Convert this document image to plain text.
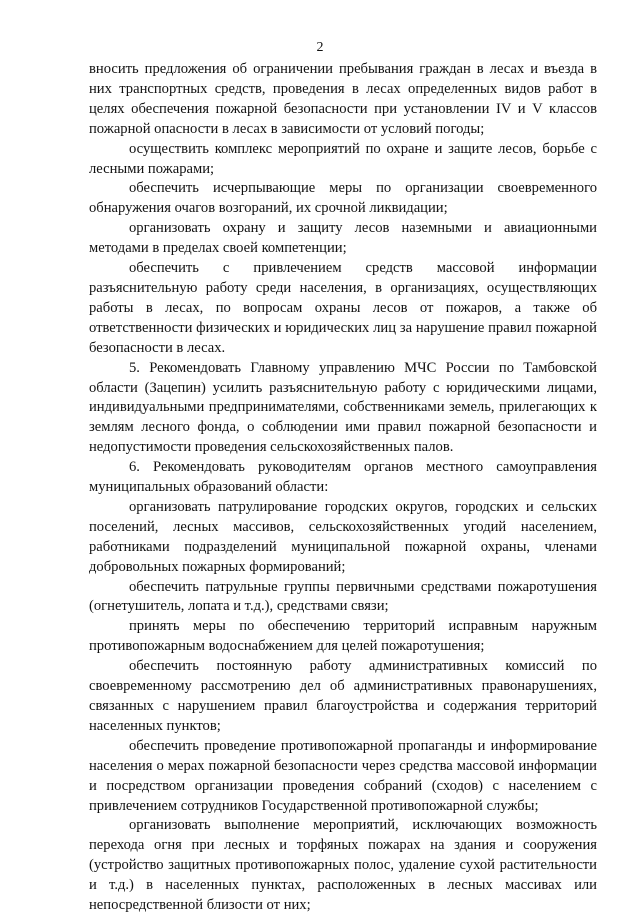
2

вносить предложения об ограничении пребывания граждан в лесах и въезда в них транспортных средств, проведения в лесах определенных видов работ в целях обеспечения пожарной безопасности при установлении IV и V классов пожарной опасности в лесах в зависимости от условий погоды;

осуществить комплекс мероприятий по охране и защите лесов, борьбе с лесными пожарами;

обеспечить исчерпывающие меры по организации своевременного обнаружения очагов возгораний, их срочной ликвидации;

организовать охрану и защиту лесов наземными и авиационными методами в пределах своей компетенции;

обеспечить с привлечением средств массовой информации разъяснительную работу среди населения, в организациях, осуществляющих работы в лесах, по вопросам охраны лесов от пожаров, а также об ответственности физических и юридических лиц за нарушение правил пожарной безопасности в лесах.

5. Рекомендовать Главному управлению МЧС России по Тамбовской области (Зацепин) усилить разъяснительную работу с юридическими лицами, индивидуальными предпринимателями, собственниками земель, прилегающих к землям лесного фонда, о соблюдении ими правил пожарной безопасности и недопустимости проведения сельскохозяйственных палов.

6. Рекомендовать руководителям органов местного самоуправления муниципальных образований области:

организовать патрулирование городских округов, городских и сельских поселений, лесных массивов, сельскохозяйственных угодий населением, работниками подразделений муниципальной пожарной охраны, членами добровольных пожарных формирований;

обеспечить патрульные группы первичными средствами пожаротушения (огнетушитель, лопата и т.д.), средствами связи;

принять меры по обеспечению территорий исправным наружным противопожарным водоснабжением для целей пожаротушения;

обеспечить постоянную работу административных комиссий по своевременному рассмотрению дел об административных правонарушениях, связанных с нарушением правил благоустройства и содержания территорий населенных пунктов;

обеспечить проведение противопожарной пропаганды и информирование населения о мерах пожарной безопасности через средства массовой информации и посредством организации проведения собраний (сходов) с населением с привлечением сотрудников Государственной противопожарной службы;

организовать выполнение мероприятий, исключающих возможность перехода огня при лесных и торфяных пожарах на здания и сооружения (устройство защитных противопожарных полос, удаление сухой растительности и т.д.) в населенных пунктах, расположенных в лесных массивах или непосредственной близости от них;
